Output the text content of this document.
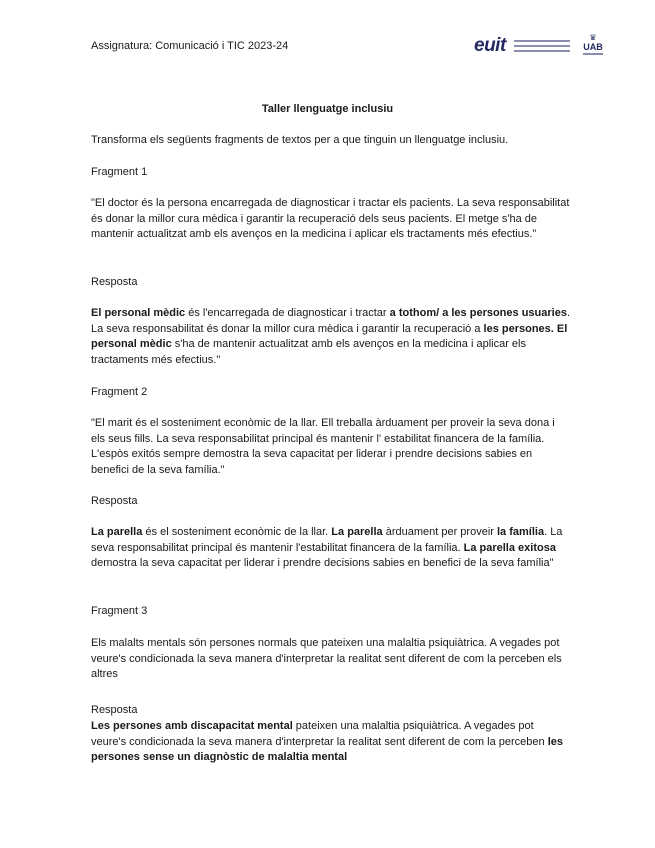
Assignatura: Comunicació i TIC 2023-24	euit	♛
UAB
Taller llenguatge inclusiu
Transforma els següents fragments de textos per a que tinguin un llenguatge inclusiu.
Fragment 1
"El doctor és la persona encarregada de diagnosticar i tractar els pacients. La seva responsabilitat és donar la millor cura mèdica i garantir la recuperació dels seus pacients. El metge s'ha de mantenir actualitzat amb els avenços en la medicina i aplicar els tractaments més efectius."
Resposta
El personal mèdic és l'encarregada de diagnosticar i tractar a tothom/ a les persones usuaries. La seva responsabilitat és donar la millor cura mèdica i garantir la recuperació a les persones. El personal mèdic s'ha de mantenir actualitzat amb els avenços en la medicina i aplicar els tractaments més efectius."
Fragment 2
"El marit és el sosteniment econòmic de la llar. Ell treballa àrduament per proveir la seva dona i els seus fills. La seva responsabilitat principal és mantenir l' estabilitat financera de la família. L'espòs exitós sempre demostra la seva capacitat per liderar i prendre decisions sabies en benefici de la seva família."
Resposta
La parella és el sosteniment econòmic de la llar. La parella àrduament per proveir la família. La seva responsabilitat principal és mantenir l'estabilitat financera de la família. La parella exitosa demostra la seva capacitat per liderar i prendre decisions sabies en benefici de la seva família"
Fragment 3
Els malalts mentals són persones normals que pateixen una malaltia psiquiàtrica. A vegades pot veure's condicionada la seva manera d'interpretar la realitat sent diferent de com la perceben els altres
Resposta
Les persones amb discapacitat mental pateixen una malaltia psiquiàtrica. A vegades pot veure's condicionada la seva manera d'interpretar la realitat sent diferent de com la perceben les persones sense un diagnòstic de malaltia mental
